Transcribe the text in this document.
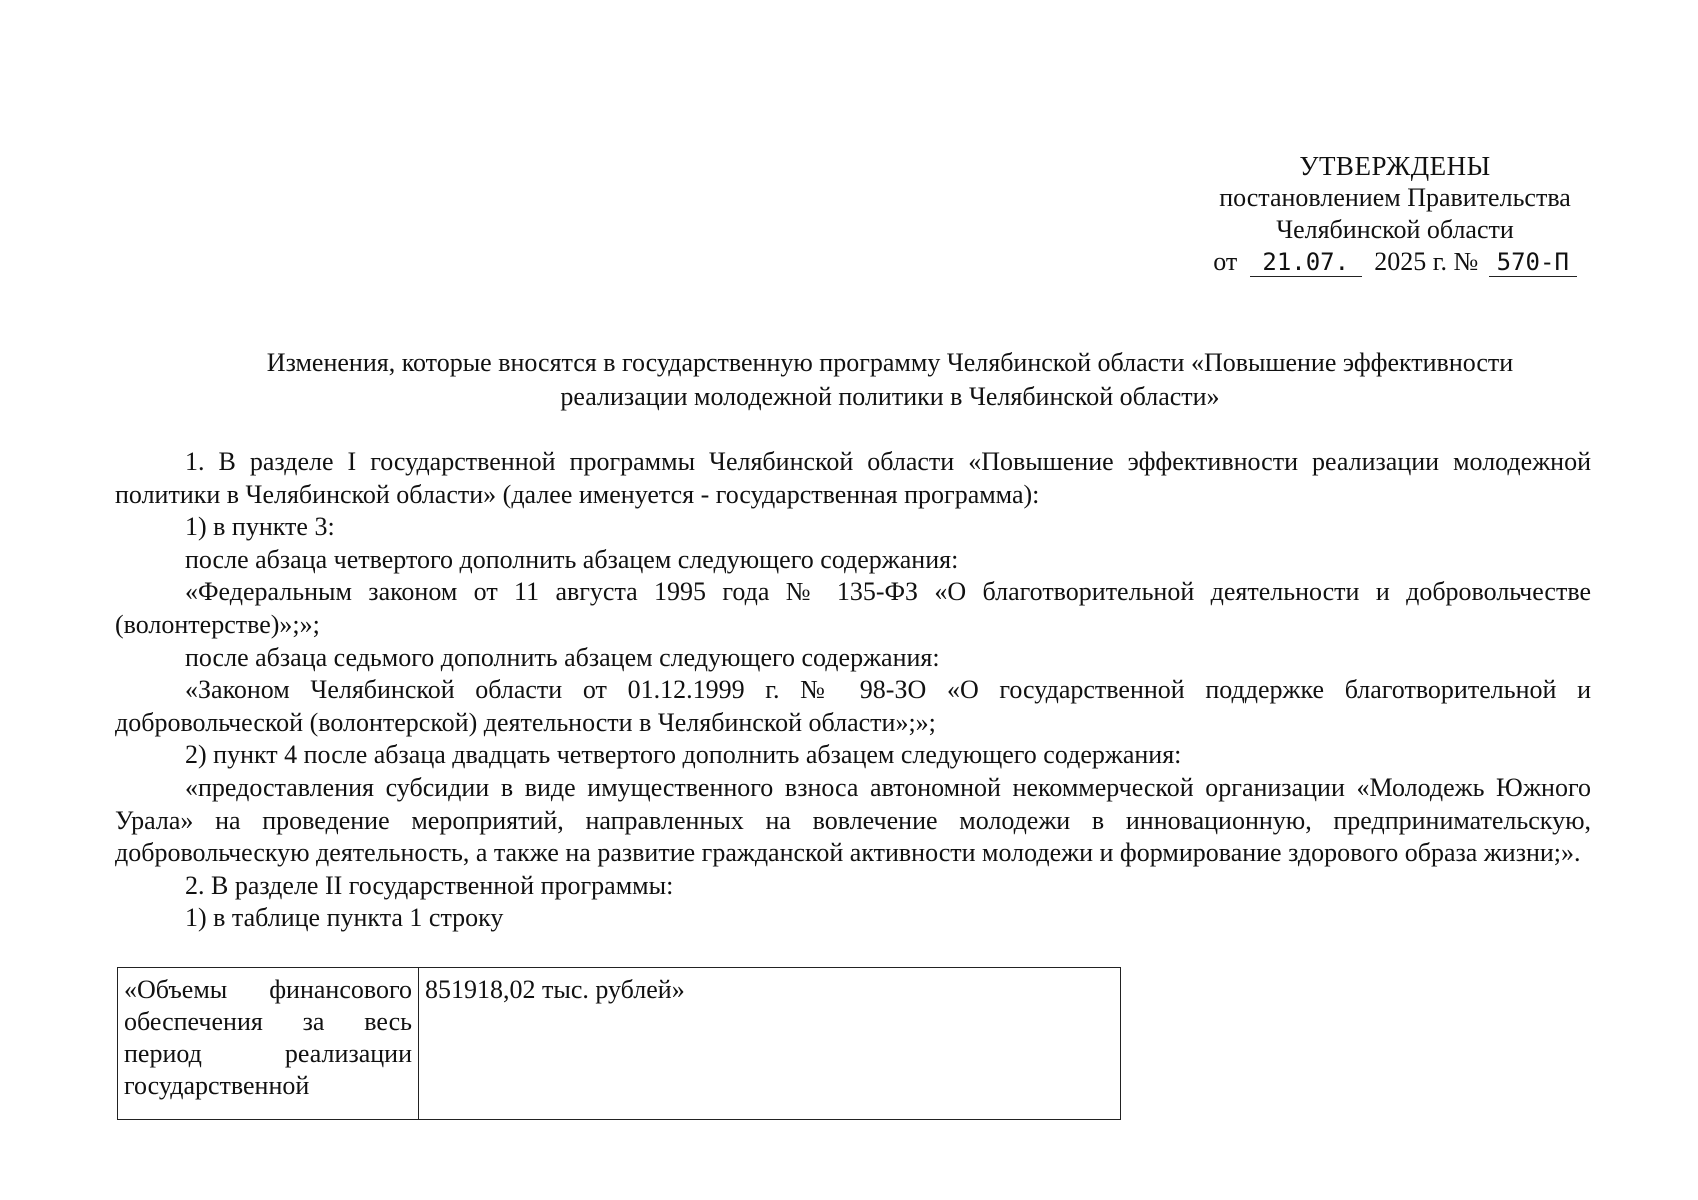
УТВЕРЖДЕНЫ
постановлением Правительства
Челябинской области
от 21.07. 2025 г. № 570-П
Изменения, которые вносятся в государственную программу Челябинской области «Повышение эффективности
реализации молодежной политики в Челябинской области»

1. В разделе I государственной программы Челябинской области «Повышение эффективности реализации молодежной политики в Челябинской области» (далее именуется - государственная программа):

1) в пункте 3:

после абзаца четвертого дополнить абзацем следующего содержания:

«Федеральным законом от 11 августа 1995 года № 135-ФЗ «О благотворительной деятельности и добровольчестве (волонтерстве)»;»;

после абзаца седьмого дополнить абзацем следующего содержания:

«Законом Челябинской области от 01.12.1999 г. № 98-ЗО «О государственной поддержке благотворительной и добровольческой (волонтерской) деятельности в Челябинской области»;»;

2) пункт 4 после абзаца двадцать четвертого дополнить абзацем следующего содержания:

«предоставления субсидии в виде имущественного взноса автономной некоммерческой организации «Молодежь Южного Урала» на проведение мероприятий, направленных на вовлечение молодежи в инновационную, предпринимательскую, добровольческую деятельность, а также на развитие гражданской активности молодежи и формирование здорового образа жизни;».

2. В разделе II государственной программы:

1) в таблице пункта 1 строку

«Объемы финансового обеспечения за весь период реализации государственной	851918,02 тыс. рублей»
